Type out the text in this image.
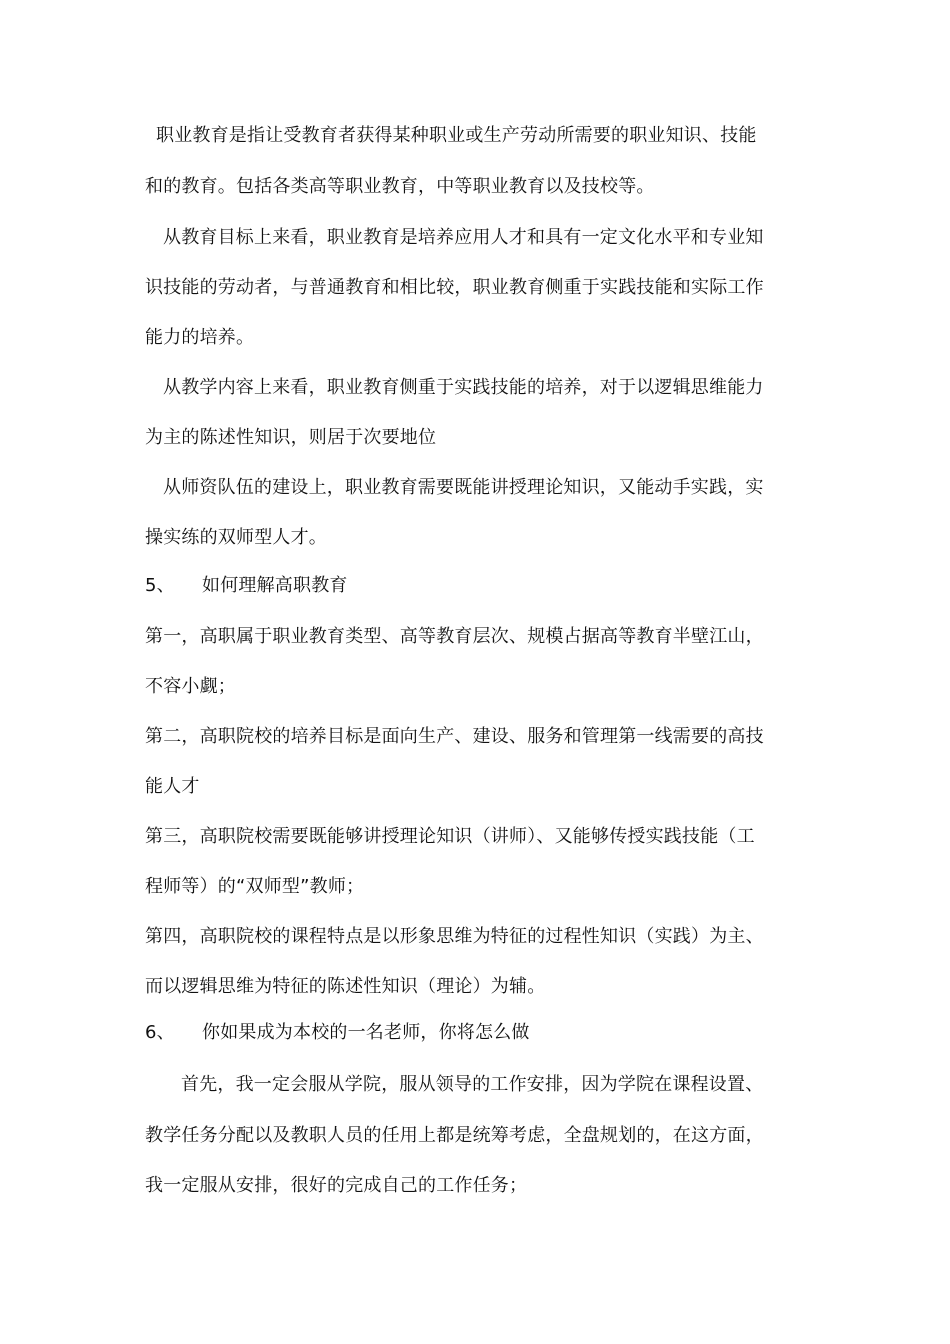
职业教育是指让受教育者获得某种职业或生产劳动所需要的职业知识、技能
和的教育。包括各类高等职业教育，中等职业教育以及技校等。
从教育目标上来看，职业教育是培养应用人才和具有一定文化水平和专业知
识技能的劳动者，与普通教育和相比较，职业教育侧重于实践技能和实际工作
能力的培养。
从教学内容上来看，职业教育侧重于实践技能的培养，对于以逻辑思维能力
为主的陈述性知识，则居于次要地位
从师资队伍的建设上，职业教育需要既能讲授理论知识，又能动手实践，实
操实练的双师型人才。
5、 如何理解高职教育
第一，高职属于职业教育类型、高等教育层次、规模占据高等教育半壁江山，
不容小觑；
第二，高职院校的培养目标是面向生产、建设、服务和管理第一线需要的高技
能人才
第三，高职院校需要既能够讲授理论知识（讲师）、又能够传授实践技能（工
程师等）的“双师型”教师；
第四，高职院校的课程特点是以形象思维为特征的过程性知识（实践）为主、
而以逻辑思维为特征的陈述性知识（理论）为辅。
6、 你如果成为本校的一名老师，你将怎么做
首先，我一定会服从学院，服从领导的工作安排，因为学院在课程设置、
教学任务分配以及教职人员的任用上都是统筹考虑，全盘规划的，在这方面，
我一定服从安排，很好的完成自己的工作任务；
